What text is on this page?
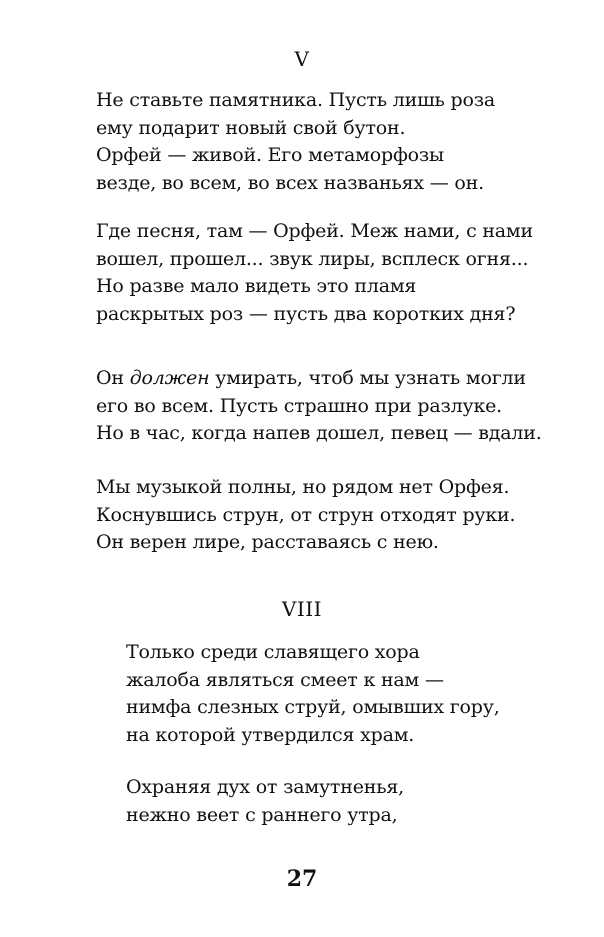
V
Не ставьте памятника. Пусть лишь роза
ему подарит новый свой бутон.
Орфей — живой. Его метаморфозы
везде, во всем, во всех названьях — он.
Где песня, там — Орфей. Меж нами, с нами
вошел, прошел... звук лиры, всплеск огня...
Но разве мало видеть это пламя
раскрытых роз — пусть два коротких дня?
Он должен умирать, чтоб мы узнать могли
его во всем. Пусть страшно при разлуке.
Но в час, когда напев дошел, певец — вдали.
Мы музыкой полны, но рядом нет Орфея.
Коснувшись струн, от струн отходят руки.
Он верен лире, расставаясь с нею.
VIII
Только среди славящего хора
жалоба являться смеет к нам —
нимфа слезных струй, омывших гору,
на которой утвердился храм.
Охраняя дух от замутненья,
нежно веет с раннего утра,
27
